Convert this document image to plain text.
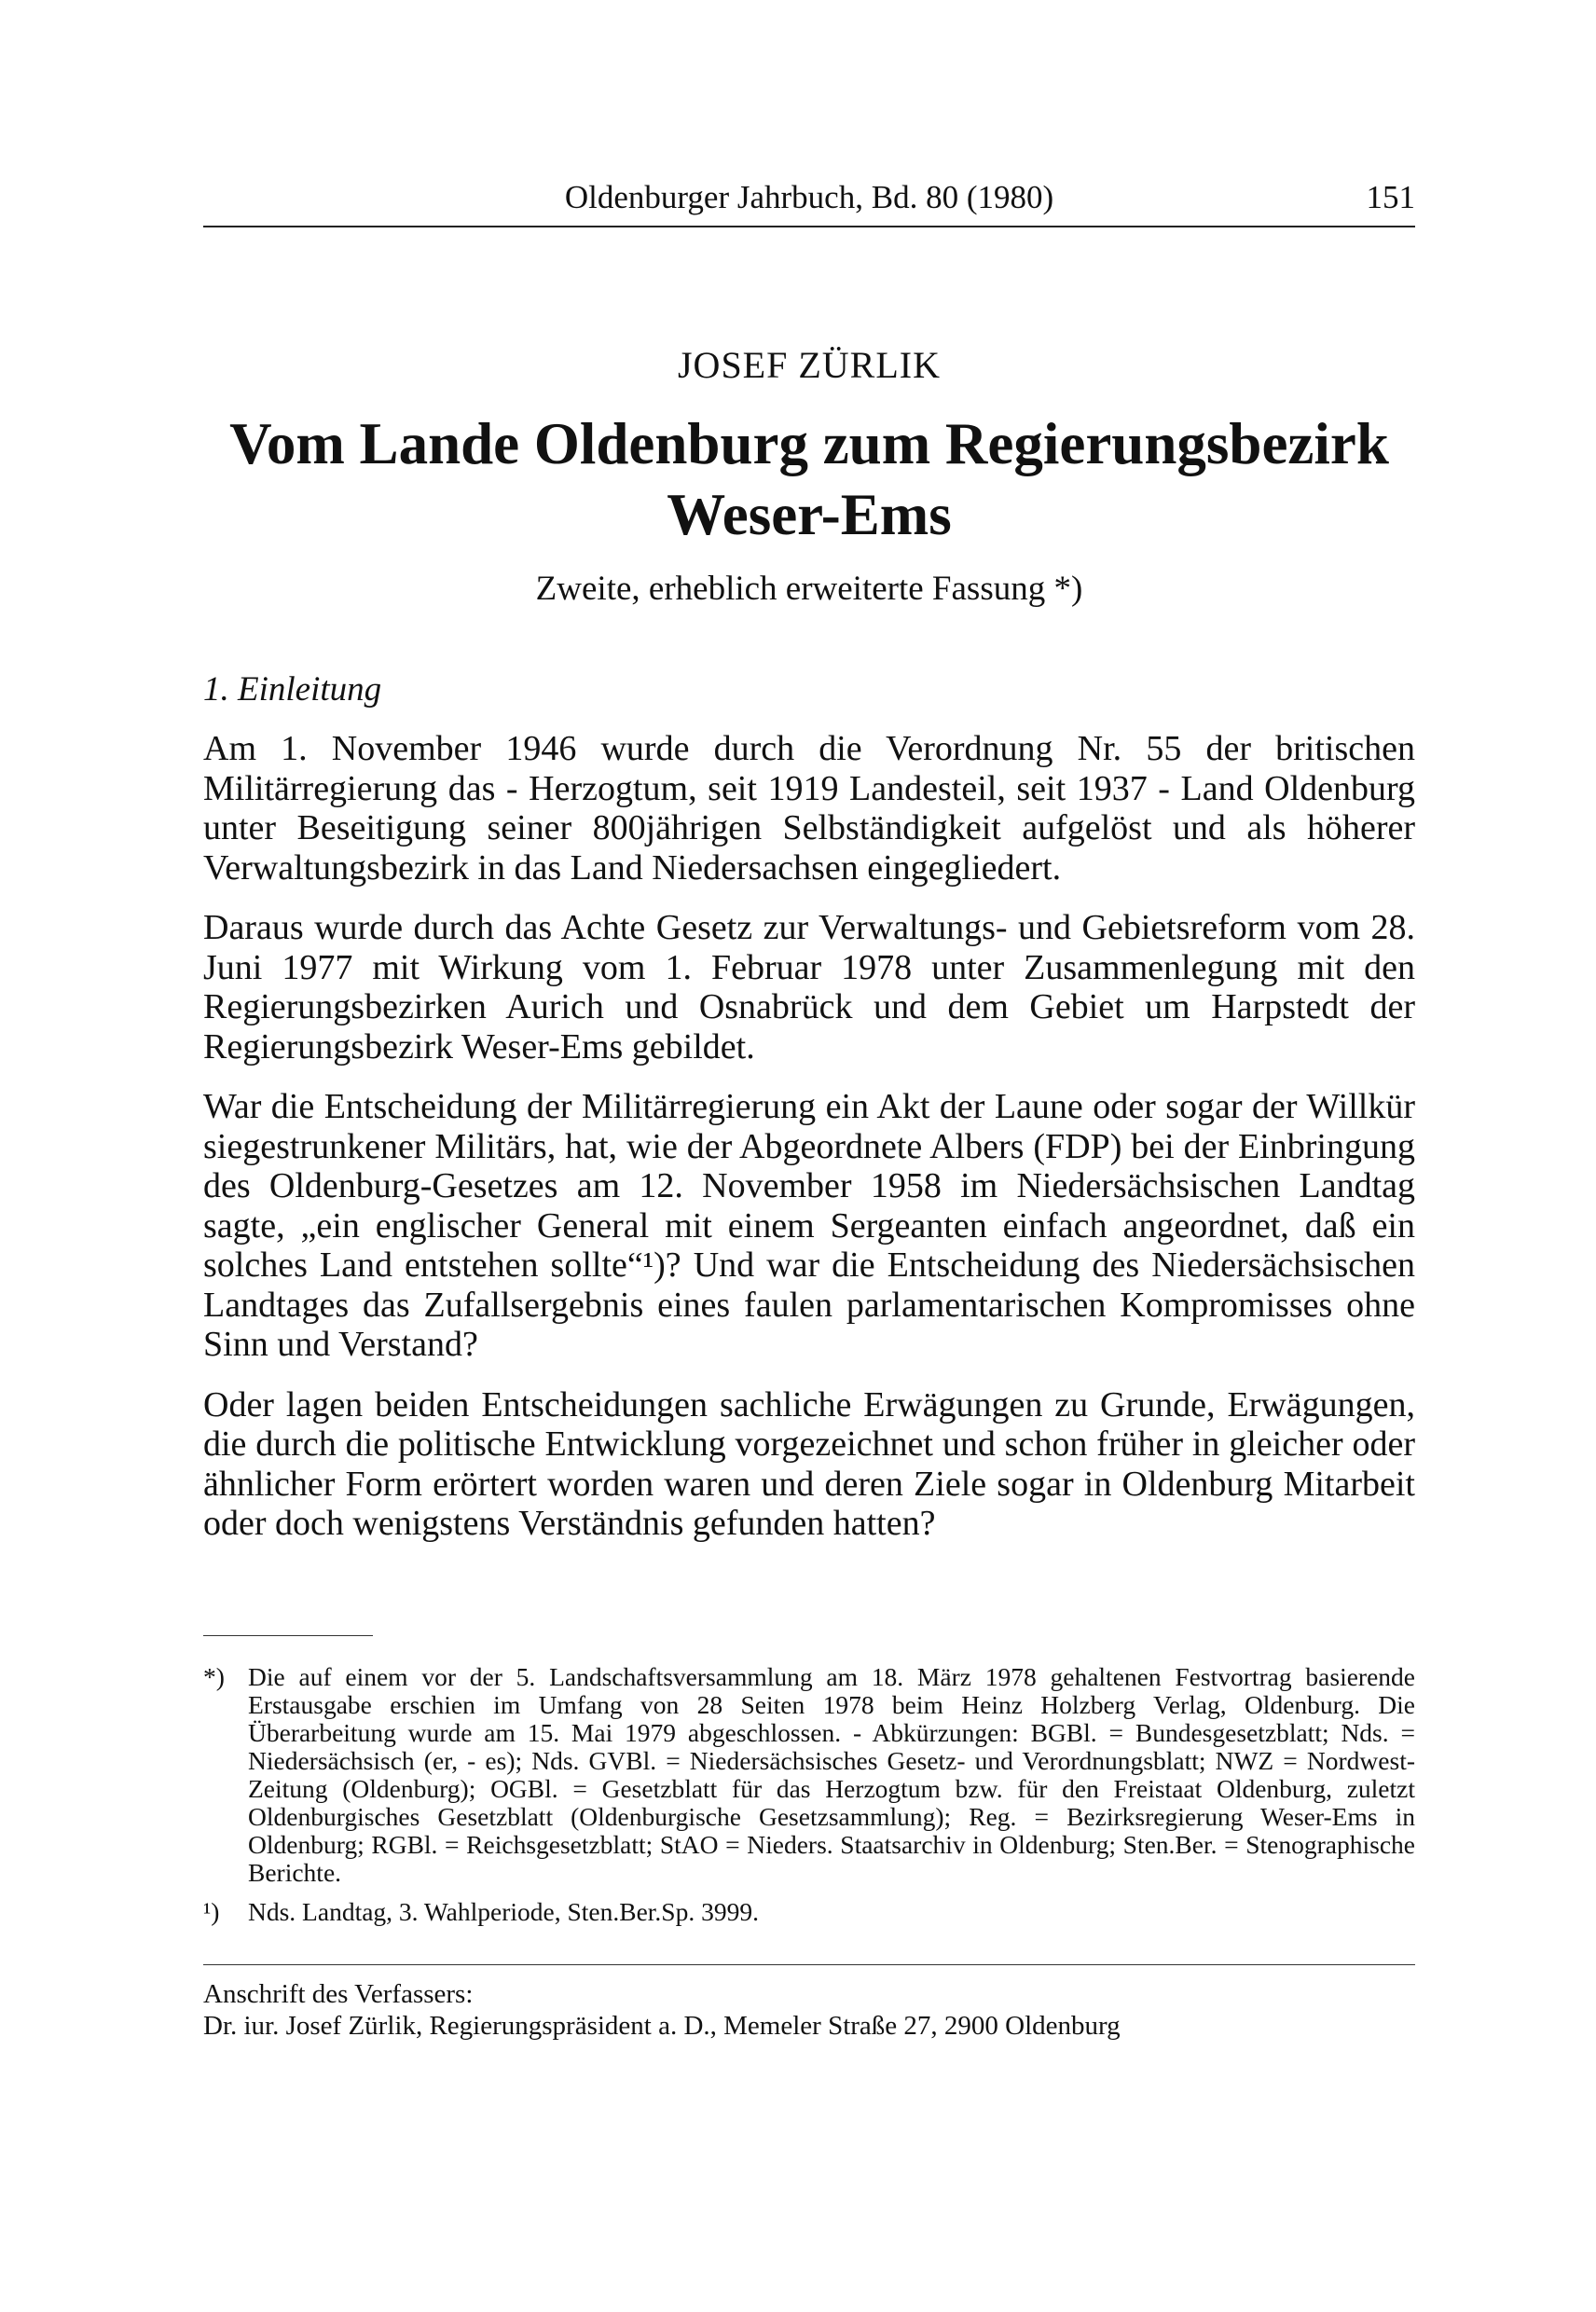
Oldenburger Jahrbuch, Bd. 80 (1980)	151
JOSEF ZÜRLIK
Vom Lande Oldenburg zum Regierungsbezirk Weser-Ems
Zweite, erheblich erweiterte Fassung *)
1. Einleitung

Am 1. November 1946 wurde durch die Verordnung Nr. 55 der britischen Militärregierung das - Herzogtum, seit 1919 Landesteil, seit 1937 - Land Oldenburg unter Beseitigung seiner 800jährigen Selbständigkeit aufgelöst und als höherer Verwaltungsbezirk in das Land Niedersachsen eingegliedert.

Daraus wurde durch das Achte Gesetz zur Verwaltungs- und Gebietsreform vom 28. Juni 1977 mit Wirkung vom 1. Februar 1978 unter Zusammenlegung mit den Regierungsbezirken Aurich und Osnabrück und dem Gebiet um Harpstedt der Regierungsbezirk Weser-Ems gebildet.

War die Entscheidung der Militärregierung ein Akt der Laune oder sogar der Willkür siegestrunkener Militärs, hat, wie der Abgeordnete Albers (FDP) bei der Einbringung des Oldenburg-Gesetzes am 12. November 1958 im Niedersächsischen Landtag sagte, „ein englischer General mit einem Sergeanten einfach angeordnet, daß ein solches Land entstehen sollte“¹)? Und war die Entscheidung des Niedersächsischen Landtages das Zufallsergebnis eines faulen parlamentarischen Kompromisses ohne Sinn und Verstand?

Oder lagen beiden Entscheidungen sachliche Erwägungen zu Grunde, Erwägungen, die durch die politische Entwicklung vorgezeichnet und schon früher in gleicher oder ähnlicher Form erörtert worden waren und deren Ziele sogar in Oldenburg Mitarbeit oder doch wenigstens Verständnis gefunden hatten?

*) Die auf einem vor der 5. Landschaftsversammlung am 18. März 1978 gehaltenen Festvortrag basierende Erstausgabe erschien im Umfang von 28 Seiten 1978 beim Heinz Holzberg Verlag, Oldenburg. Die Überarbeitung wurde am 15. Mai 1979 abgeschlossen. - Abkürzungen: BGBl. = Bundesgesetzblatt; Nds. = Niedersächsisch (er, - es); Nds. GVBl. = Niedersächsisches Gesetz- und Verordnungsblatt; NWZ = Nordwest-Zeitung (Oldenburg); OGBl. = Gesetzblatt für das Herzogtum bzw. für den Freistaat Oldenburg, zuletzt Oldenburgisches Gesetzblatt (Oldenburgische Gesetzsammlung); Reg. = Bezirksregierung Weser-Ems in Oldenburg; RGBl. = Reichsgesetzblatt; StAO = Nieders. Staatsarchiv in Oldenburg; Sten.Ber. = Stenographische Berichte.
¹) Nds. Landtag, 3. Wahlperiode, Sten.Ber.Sp. 3999.
Anschrift des Verfassers:
Dr. iur. Josef Zürlik, Regierungspräsident a. D., Memeler Straße 27, 2900 Oldenburg
